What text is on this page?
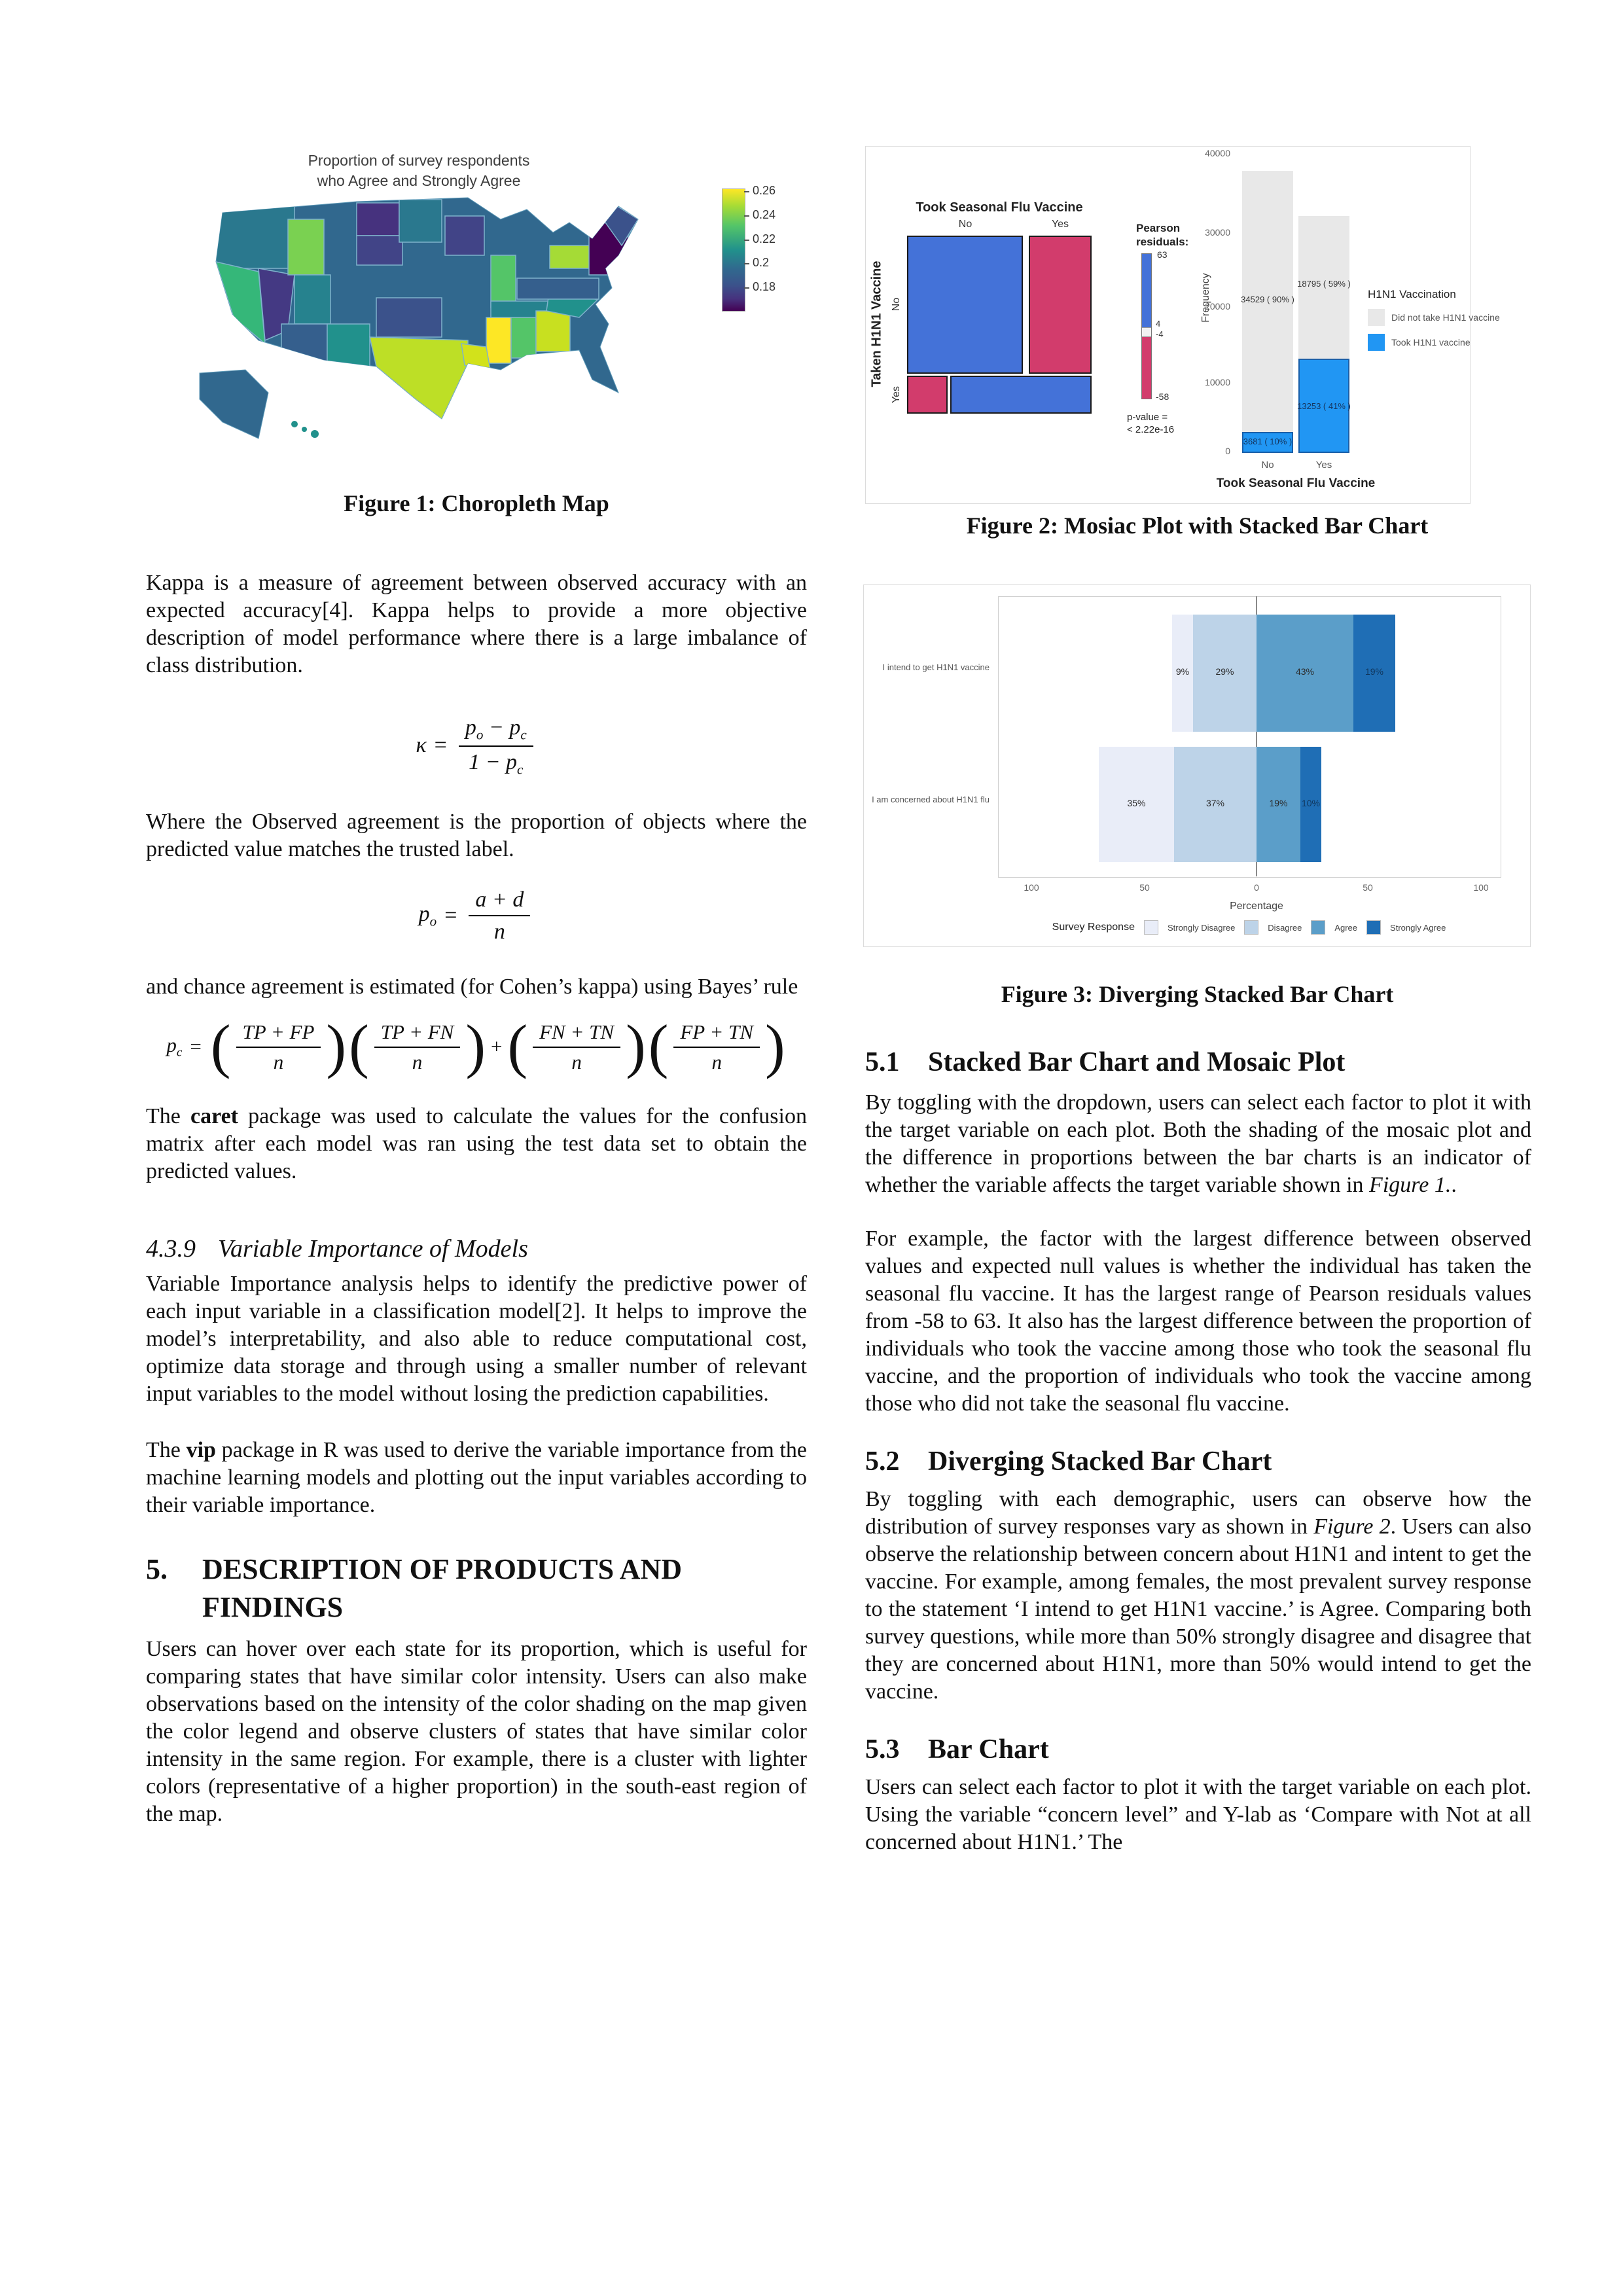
Proportion of survey respondents
who Agree and Strongly Agree
0.26
0.24
0.22
0.2
0.18
Figure 1: Choropleth Map

Kappa is a measure of agreement between observed accuracy with an expected accuracy[4]. Kappa helps to provide a more objective description of model performance where there is a large imbalance of class distribution.

$\kappa = \frac{p_o - p_c}{1 - p_c}$

Where the Observed agreement is the proportion of objects where the predicted value matches the trusted label.

$p_o = \frac{a + d}{n}$

and chance agreement is estimated (for Cohen’s kappa) using Bayes’ rule

$p_c$ = ( $\frac{TP + FP}{n}$ ) ( $\frac{TP + FN}{n}$ ) + ( $\frac{FN + TN}{n}$ ) ( $\frac{FP + TN}{n}$ )

The caret package was used to calculate the values for the confusion matrix after each model was ran using the test data set to obtain the predicted values.

4.3.9 Variable Importance of Models

Variable Importance analysis helps to identify the predictive power of each input variable in a classification model[2]. It helps to improve the model’s interpretability, and also able to reduce computational cost, optimize data storage and through using a smaller number of relevant input variables to the model without losing the prediction capabilities.

The vip package in R was used to derive the variable importance from the machine learning models and plotting out the input variables according to their variable importance.

5.	DESCRIPTION OF PRODUCTS AND FINDINGS

Users can hover over each state for its proportion, which is useful for comparing states that have similar color intensity. Users can also make observations based on the intensity of the color shading on the map given the color legend and observe clusters of states that have similar color intensity in the same region. For example, there is a cluster with lighter colors (representative of a higher proportion) in the south-east region of the map.

Took Seasonal Flu Vaccine
No	Yes
Taken H1N1 Vaccine No
Yes
Pearson
residuals:
63
4
-4
-58
p-value =
< 2.22e-16
40000
30000
20000
10000
0
Frequency	34529 ( 90% )
18795 ( 59% )
13253 ( 41% )
3681 ( 10% )
No	Yes
Took Seasonal Flu Vaccine
H1N1 Vaccination
Did not take H1N1 vaccine
Took H1N1 vaccine
Figure 2: Mosiac Plot with Stacked Bar Chart
I intend to get H1N1 vaccine
I am concerned about H1N1 flu
9%	29%	43%	19%
35%	37%	19%	10%
100	50	0	50	100
Percentage
Survey Response	Strongly Disagree	Disagree	Agree	Strongly Agree
Figure 3: Diverging Stacked Bar Chart
5.1	Stacked Bar Chart and Mosaic Plot

By toggling with the dropdown, users can select each factor to plot it with the target variable on each plot. Both the shading of the mosaic plot and the difference in proportions between the bar charts is an indicator of whether the variable affects the target variable shown in Figure 1..

For example, the factor with the largest difference between observed values and expected null values is whether the individual has taken the seasonal flu vaccine. It has the largest range of Pearson residuals values from -58 to 63. It also has the largest difference between the proportion of individuals who took the vaccine among those who took the seasonal flu vaccine, and the proportion of individuals who took the vaccine among those who did not take the seasonal flu vaccine.

5.2	Diverging Stacked Bar Chart

By toggling with each demographic, users can observe how the distribution of survey responses vary as shown in Figure 2. Users can also observe the relationship between concern about H1N1 and intent to get the vaccine. For example, among females, the most prevalent survey response to the statement ‘I intend to get H1N1 vaccine.’ is Agree. Comparing both survey questions, while more than 50% strongly disagree and disagree that they are concerned about H1N1, more than 50% would intend to get the vaccine.

5.3	Bar Chart

Users can select each factor to plot it with the target variable on each plot. Using the variable “concern level” and Y-lab as ‘Compare with Not at all concerned about H1N1.’ The
